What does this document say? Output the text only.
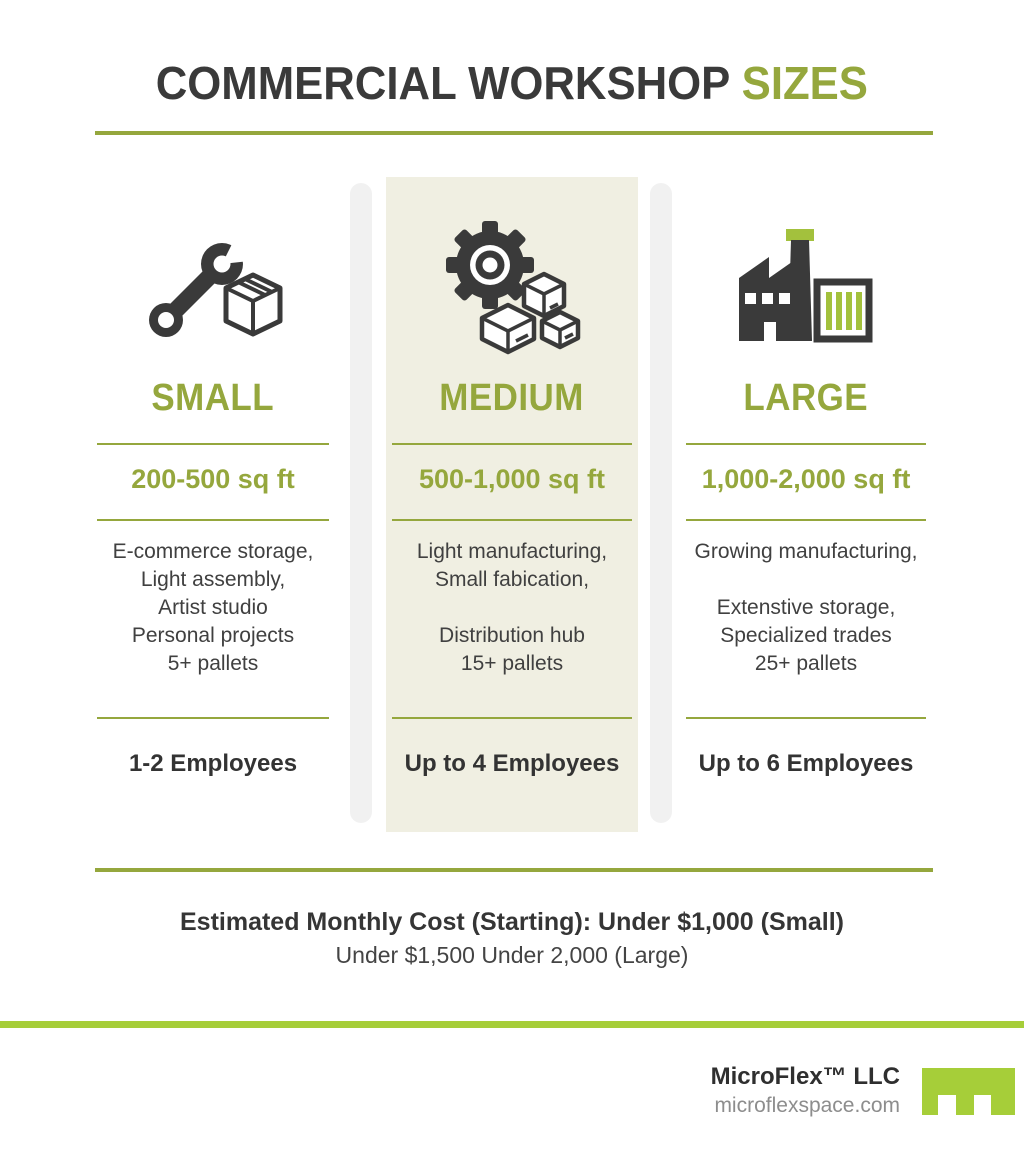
COMMERCIAL WORKSHOP SIZES
SMALL
200-500 sq ft
E-commerce storage,
Light assembly,
Artist studio
Personal projects
5+ pallets
1-2 Employees
MEDIUM
500-1,000 sq ft
Light manufacturing,
Small fabication,
Distribution hub
15+ pallets
Up to 4 Employees
LARGE
1,000-2,000 sq ft
Growing manufacturing,
Extenstive storage,
Specialized trades
25+ pallets
Up to 6 Employees
Estimated Monthly Cost (Starting): Under $1,000 (Small)
Under $1,500 Under 2,000 (Large)
MicroFlex™ LLC
microflexspace.com
